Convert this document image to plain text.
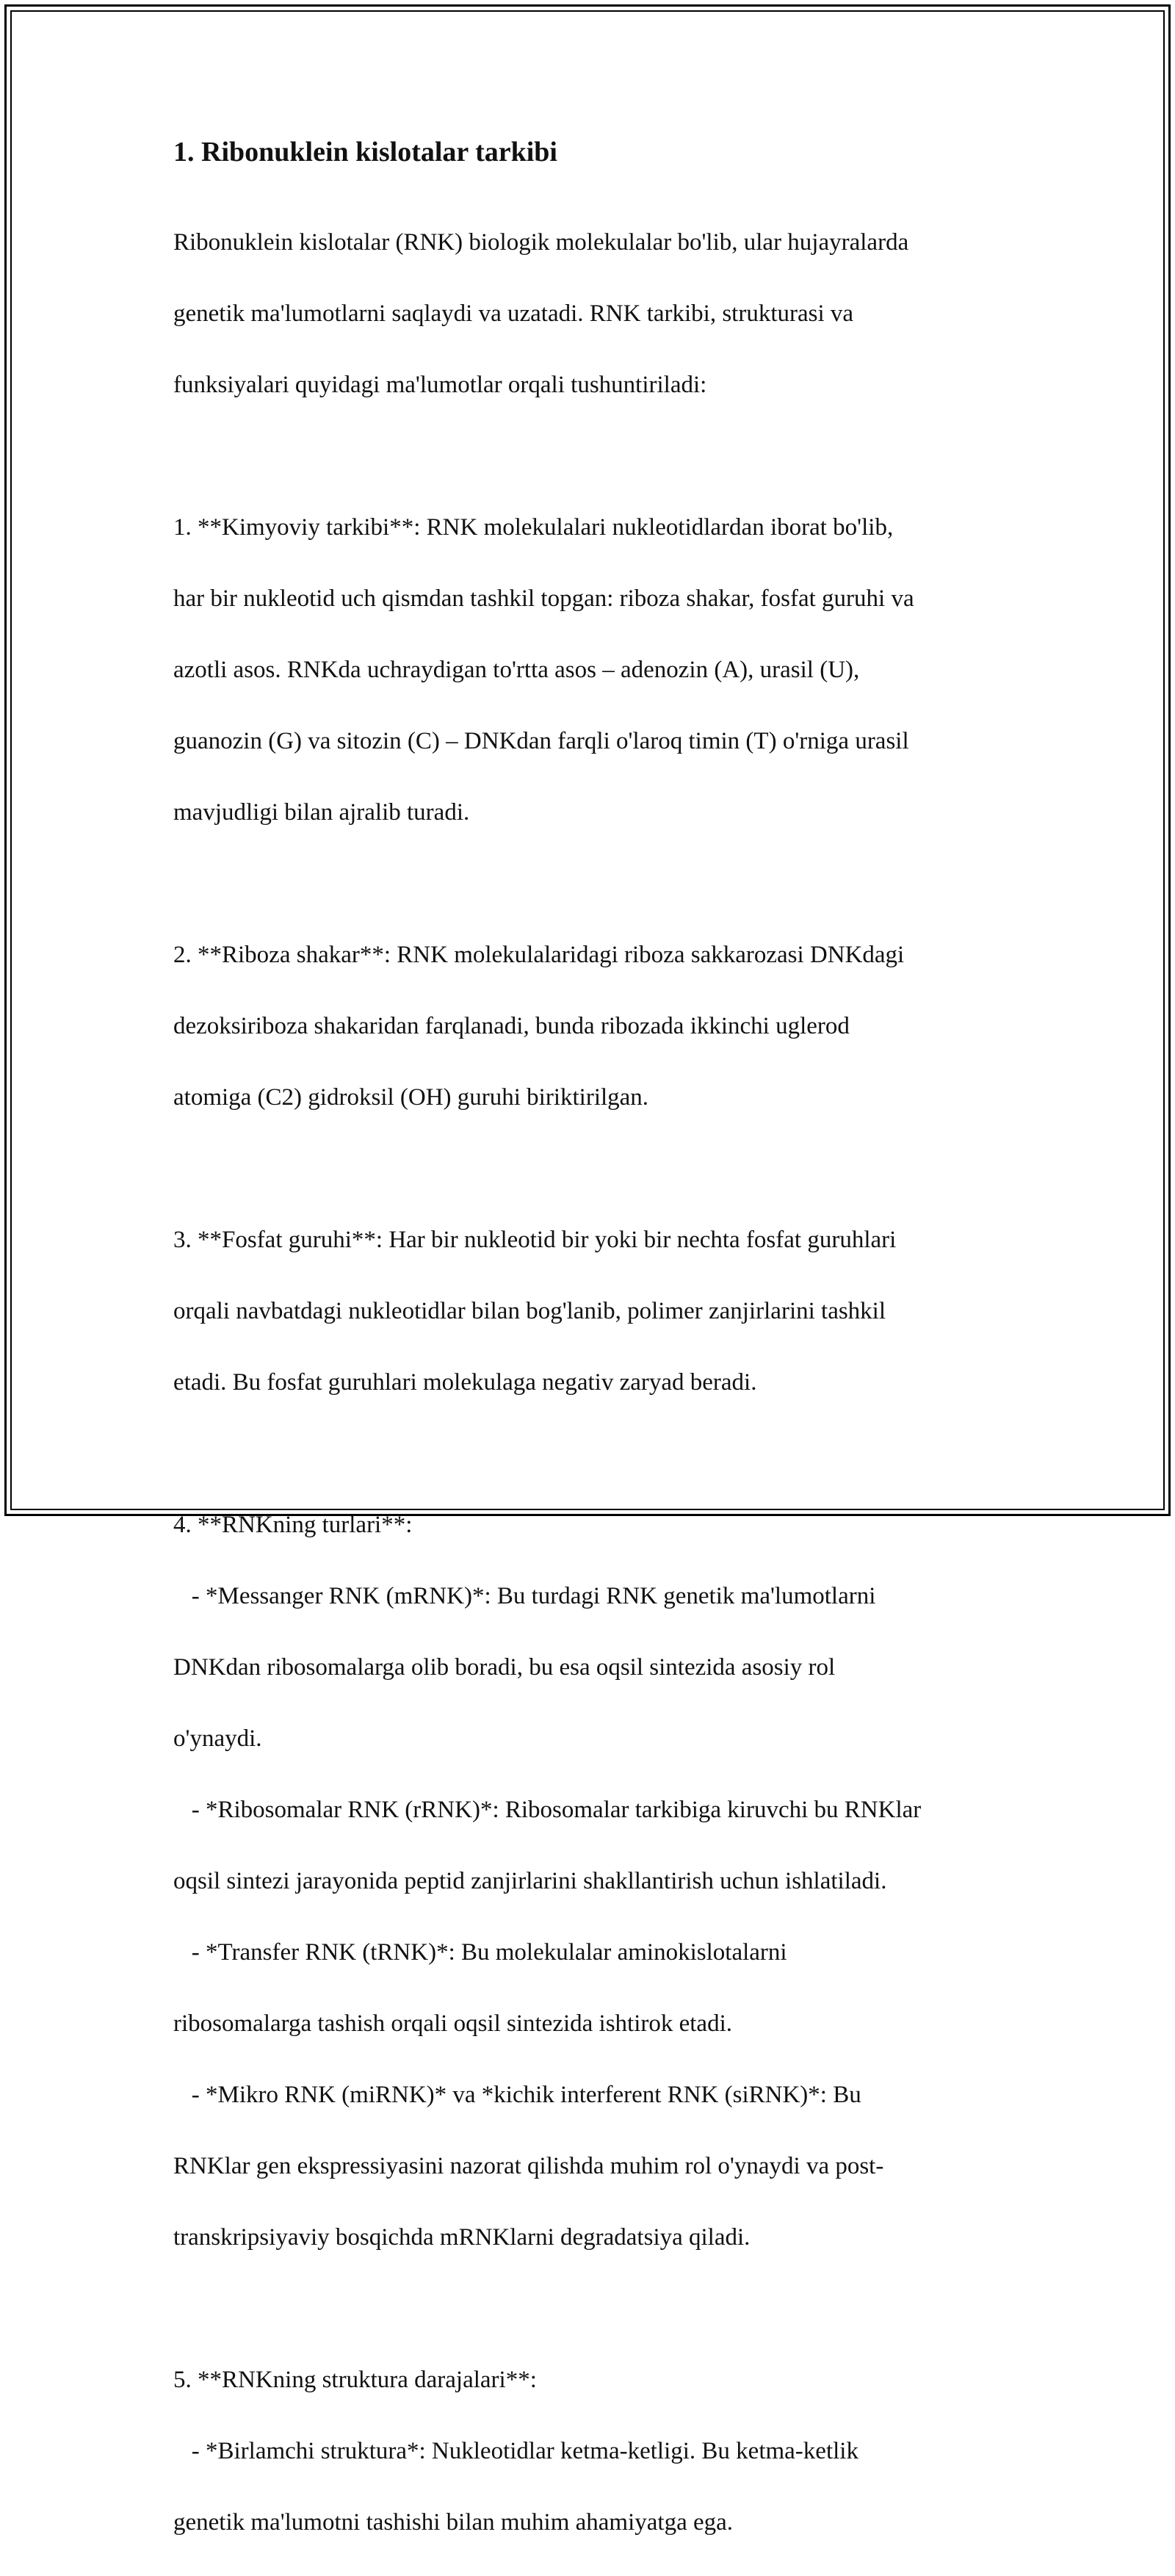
1. Ribonuklein kislotalar tarkibi

Ribonuklein kislotalar (RNK) biologik molekulalar bo'lib, ular hujayralarda

genetik ma'lumotlarni saqlaydi va uzatadi. RNK tarkibi, strukturasi va

funksiyalari quyidagi ma'lumotlar orqali tushuntiriladi:

1. **Kimyoviy tarkibi**: RNK molekulalari nukleotidlardan iborat bo'lib,

har bir nukleotid uch qismdan tashkil topgan: riboza shakar, fosfat guruhi va

azotli asos. RNKda uchraydigan to'rtta asos – adenozin (A), urasil (U),

guanozin (G) va sitozin (C) – DNKdan farqli o'laroq timin (T) o'rniga urasil

mavjudligi bilan ajralib turadi.

2. **Riboza shakar**: RNK molekulalaridagi riboza sakkarozasi DNKdagi

dezoksiriboza shakaridan farqlanadi, bunda ribozada ikkinchi uglerod

atomiga (C2) gidroksil (OH) guruhi biriktirilgan.

3. **Fosfat guruhi**: Har bir nukleotid bir yoki bir nechta fosfat guruhlari

orqali navbatdagi nukleotidlar bilan bog'lanib, polimer zanjirlarini tashkil

etadi. Bu fosfat guruhlari molekulaga negativ zaryad beradi.

4. **RNKning turlari**:

- *Messanger RNK (mRNK)*: Bu turdagi RNK genetik ma'lumotlarni

DNKdan ribosomalarga olib boradi, bu esa oqsil sintezida asosiy rol

o'ynaydi.

- *Ribosomalar RNK (rRNK)*: Ribosomalar tarkibiga kiruvchi bu RNKlar

oqsil sintezi jarayonida peptid zanjirlarini shakllantirish uchun ishlatiladi.

- *Transfer RNK (tRNK)*: Bu molekulalar aminokislotalarni

ribosomalarga tashish orqali oqsil sintezida ishtirok etadi.

- *Mikro RNK (miRNK)* va *kichik interferent RNK (siRNK)*: Bu

RNKlar gen ekspressiyasini nazorat qilishda muhim rol o'ynaydi va post-

transkripsiyaviy bosqichda mRNKlarni degradatsiya qiladi.

5. **RNKning struktura darajalari**:

- *Birlamchi struktura*: Nukleotidlar ketma-ketligi. Bu ketma-ketlik

genetik ma'lumotni tashishi bilan muhim ahamiyatga ega.
